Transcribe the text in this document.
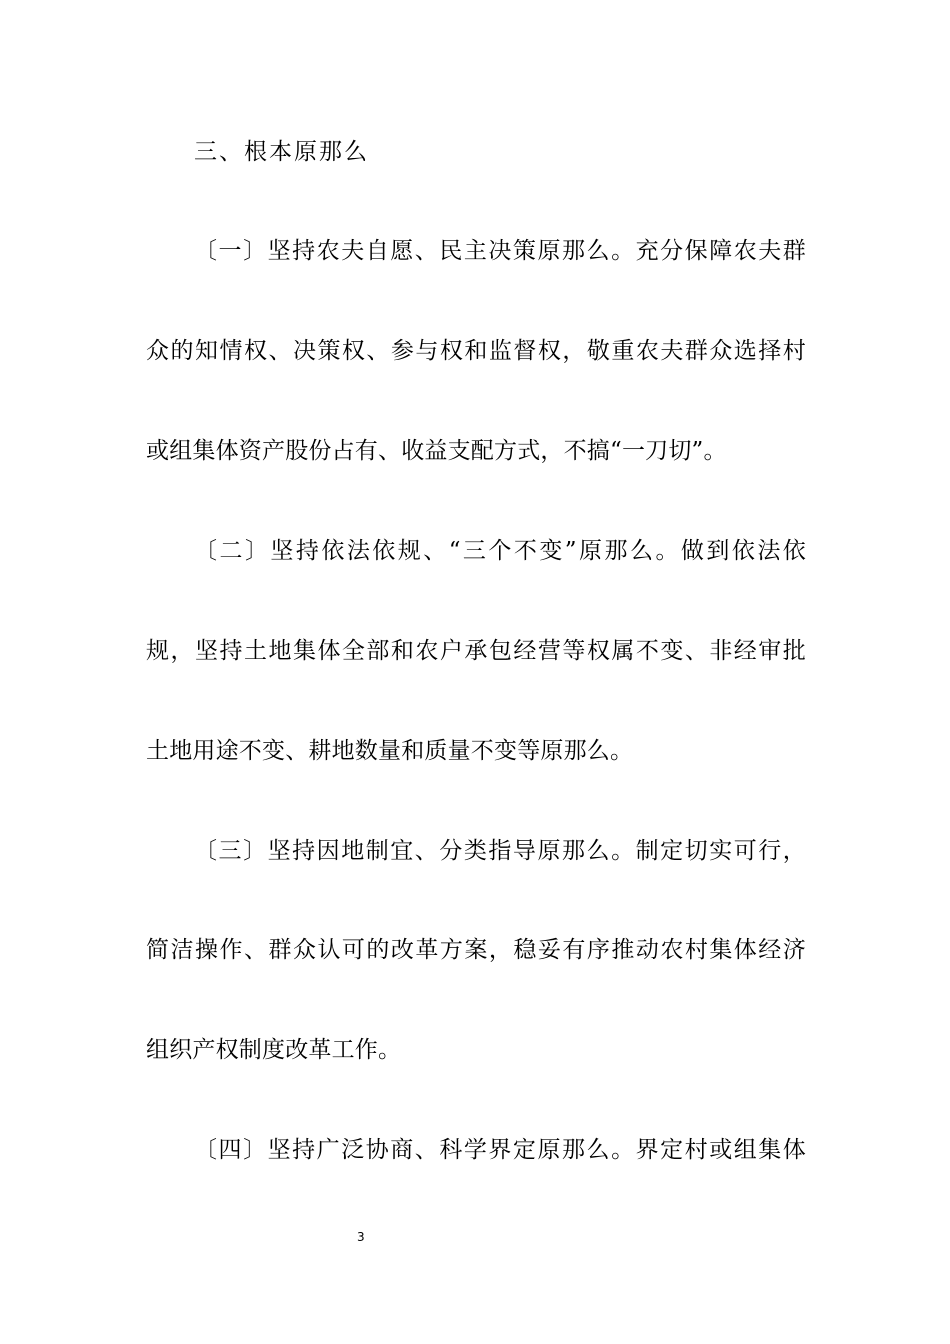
三、根本原那么
〔一〕坚持农夫自愿、民主决策原那么。充分保障农夫群
众的知情权、决策权、参与权和监督权，敬重农夫群众选择村
或组集体资产股份占有、收益支配方式，不搞“一刀切”。
〔二〕坚持依法依规、“三个不变”原那么。做到依法依
规，坚持土地集体全部和农户承包经营等权属不变、非经审批
土地用途不变、耕地数量和质量不变等原那么。
〔三〕坚持因地制宜、分类指导原那么。制定切实可行，
简洁操作、群众认可的改革方案，稳妥有序推动农村集体经济
组织产权制度改革工作。
〔四〕坚持广泛协商、科学界定原那么。界定村或组集体
3
